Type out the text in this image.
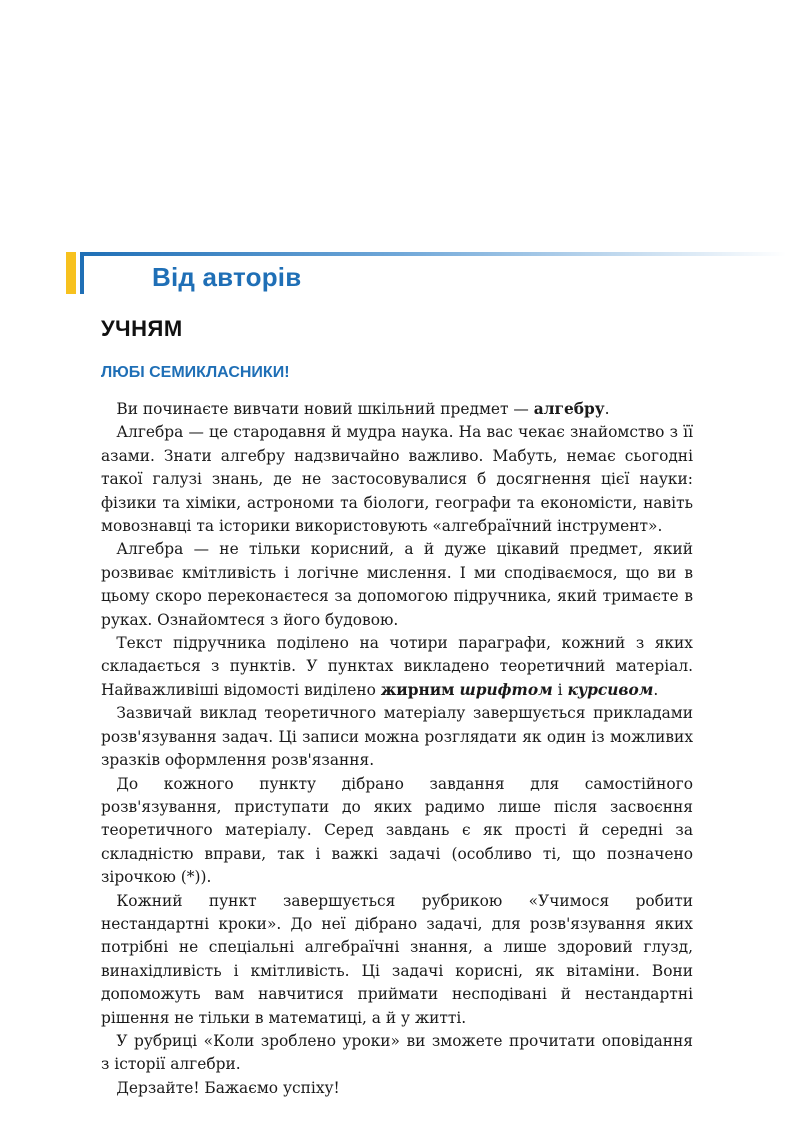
Від авторів
УЧНЯМ
ЛЮБІ СЕМИКЛАСНИКИ!

 Ви починаєте вивчати новий шкільний предмет — алгебру.

 Алгебра — це стародавня й мудра наука. На вас чекає знайомство з її азами. Знати алгебру надзвичайно важливо. Мабуть, немає сьогодні такої галузі знань, де не застосовувалися б досягнення цієї науки: фізики та хіміки, астрономи та біологи, географи та економісти, навіть мовознавці та історики використовують «алгебраїчний інструмент».

 Алгебра — не тільки корисний, а й дуже цікавий предмет, який розвиває кмітливість і логічне мислення. І ми сподіваємося, що ви в цьому скоро переконаєтеся за допомогою підручника, який тримаєте в руках. Ознайомтеся з його будовою.

 Текст підручника поділено на чотири параграфи, кожний з яких складається з пунктів. У пунктах викладено теоретичний матеріал. Найважливіші відомості виділено жирним шрифтом і курсивом.

 Зазвичай виклад теоретичного матеріалу завершується прикладами розв'язування задач. Ці записи можна розглядати як один із можливих зразків оформлення розв'язання.

 До кожного пункту дібрано завдання для самостійного розв'язування, приступати до яких радимо лише після засвоєння теоретичного матеріалу. Серед завдань є як прості й середні за складністю вправи, так і важкі задачі (особливо ті, що позначено зірочкою (*)).

 Кожний пункт завершується рубрикою «Учимося робити нестандартні кроки». До неї дібрано задачі, для розв'язування яких потрібні не спеціальні алгебраїчні знання, а лише здоровий глузд, винахідливість і кмітливість. Ці задачі корисні, як вітаміни. Вони допоможуть вам навчитися приймати несподівані й нестандартні рішення не тільки в математиці, а й у житті.

 У рубриці «Коли зроблено уроки» ви зможете прочитати оповідання з історії алгебри.

 Дерзайте! Бажаємо успіху!
